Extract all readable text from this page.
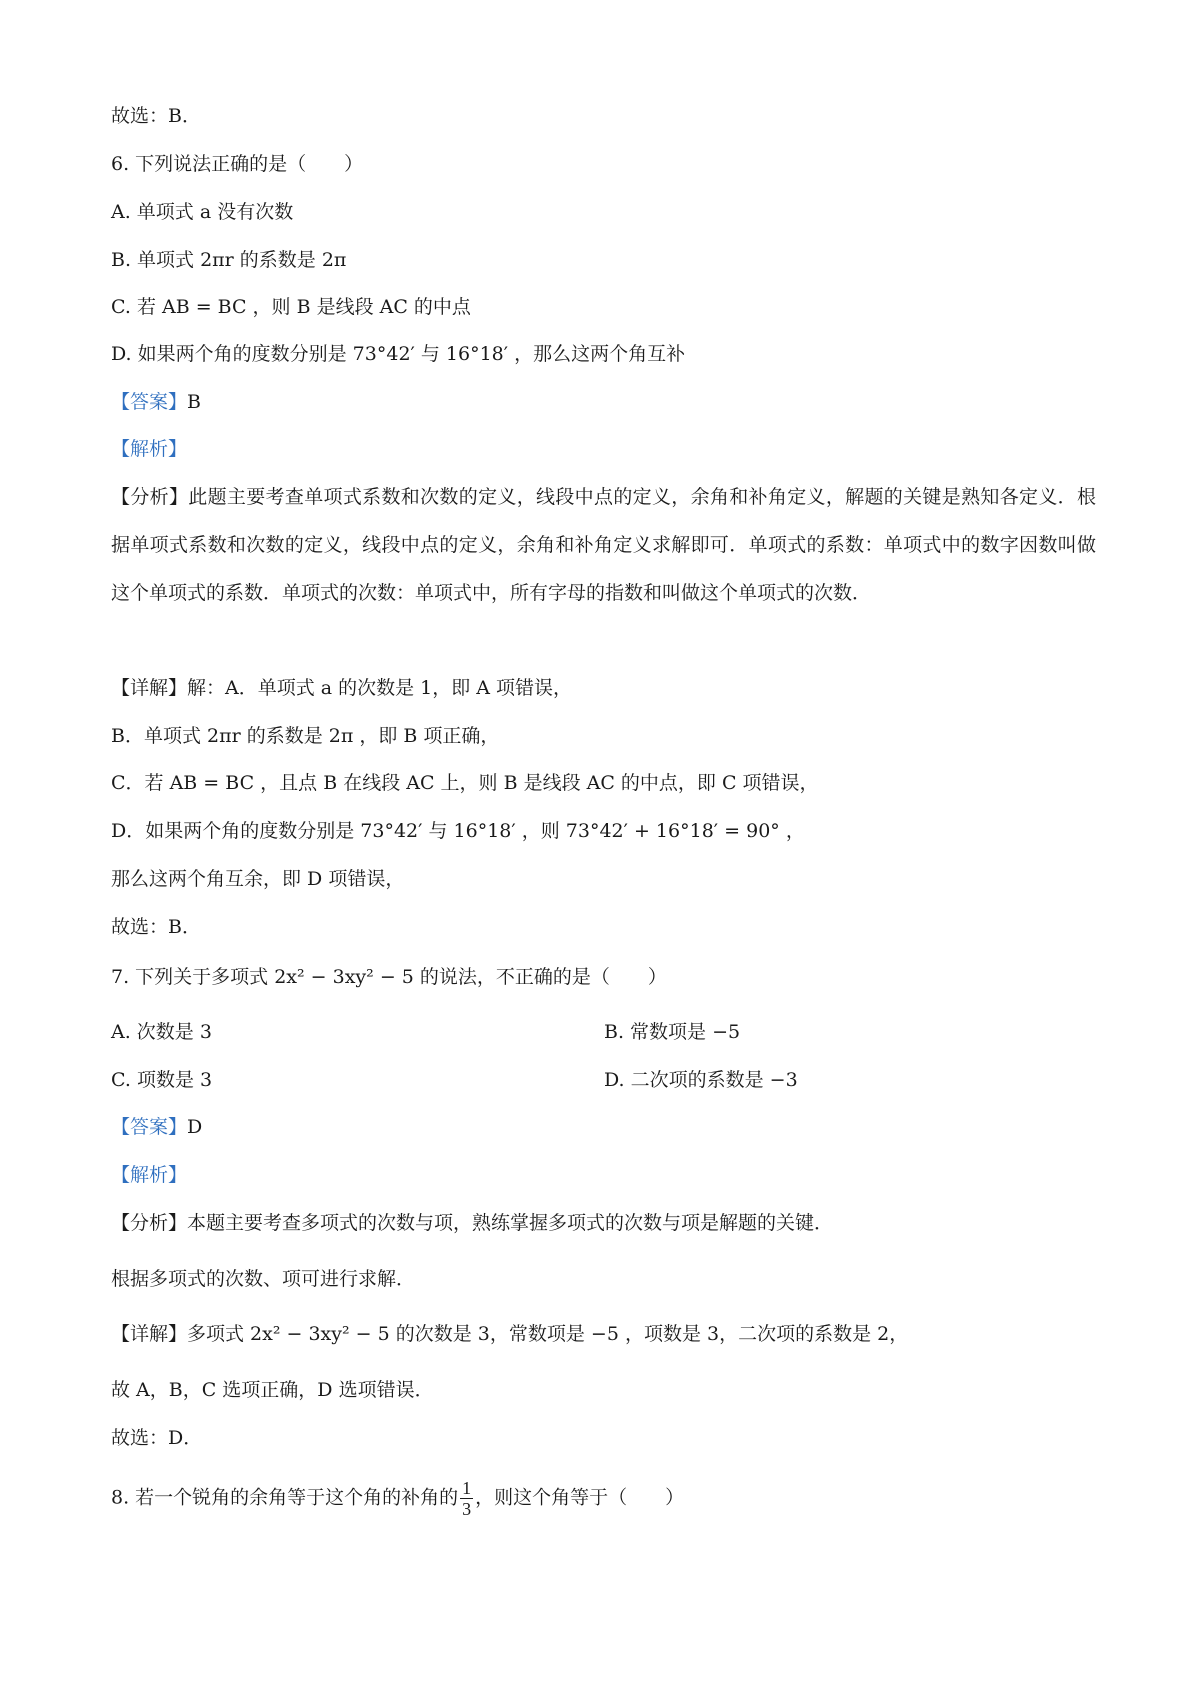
故选：B．
6. 下列说法正确的是（　　）
A. 单项式 a 没有次数
B. 单项式 2πr 的系数是 2π
C. 若 AB = BC ，则 B 是线段 AC 的中点
D. 如果两个角的度数分别是 73°42′ 与 16°18′ ，那么这两个角互补
【答案】B
【解析】
【分析】此题主要考查单项式系数和次数的定义，线段中点的定义，余角和补角定义，解题的关键是熟知各定义．根据单项式系数和次数的定义，线段中点的定义，余角和补角定义求解即可．单项式的系数：单项式中的数字因数叫做这个单项式的系数．单项式的次数：单项式中，所有字母的指数和叫做这个单项式的次数．
【详解】解：A．单项式 a 的次数是 1，即 A 项错误，
B．单项式 2πr 的系数是 2π ，即 B 项正确，
C．若 AB = BC ，且点 B 在线段 AC 上，则 B 是线段 AC 的中点，即 C 项错误，
D．如果两个角的度数分别是 73°42′ 与 16°18′ ，则 73°42′ + 16°18′ = 90° ，
那么这两个角互余，即 D 项错误，
故选：B．
7. 下列关于多项式 2x² − 3xy² − 5 的说法，不正确的是（　　）
A. 次数是 3	B. 常数项是 −5
C. 项数是 3	D. 二次项的系数是 −3
【答案】D
【解析】
【分析】本题主要考查多项式的次数与项，熟练掌握多项式的次数与项是解题的关键．
根据多项式的次数、项可进行求解．
【详解】多项式 2x² − 3xy² − 5 的次数是 3，常数项是 −5 ，项数是 3，二次项的系数是 2，
故 A，B，C 选项正确，D 选项错误．
故选：D．
8. 若一个锐角的余角等于这个角的补角的 $\frac{1}{3}$ ，则这个角等于（　　）
